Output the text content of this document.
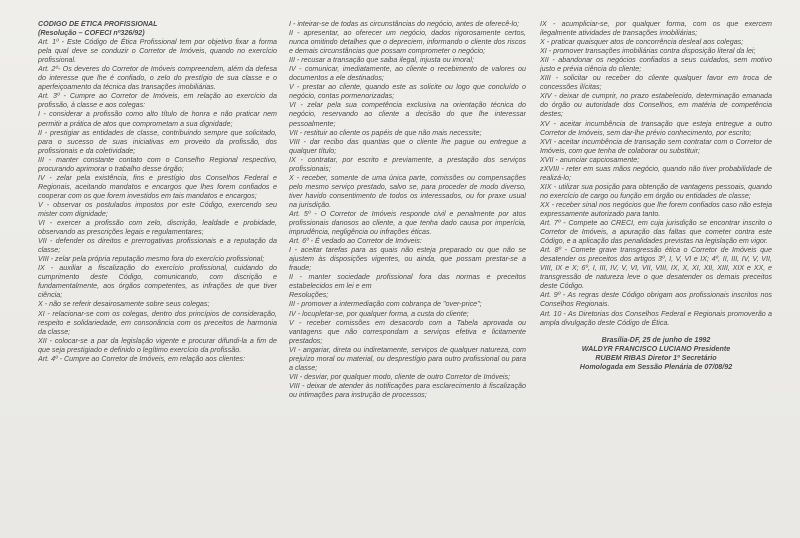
CÓDIGO DE ÉTICA PROFISSIONAL
(Resolução – COFECI nº326/92)
Art. 1º - Este Código de Ética Profissional tem por objetivo fixar a forma pela qual deve se conduzir o Corretor de Imóveis, quando no exercício profissional.
Art. 2º- Os deveres do Corretor de Imóveis compreendem, além da defesa do interesse que lhe é confiado, o zelo do prestígio de sua classe e o aperfeiçoamento da técnica das transações imobiliárias.
Art. 3º - Cumpre ao Corretor de Imóveis, em relação ao exercício da profissão, à classe e aos colegas:
I - considerar a profissão como alto título de honra e não praticar nem permitir a prática de atos que comprometam a sua dignidade;
II - prestigiar as entidades de classe, contribuindo sempre que solicitado, para o sucesso de suas iniciativas em proveito da profissão, dos profissionais e da coletividade;
III - manter constante contato com o Conselho Regional respectivo, procurando aprimorar o trabalho desse órgão;
IV - zelar pela existência, fins e prestígio dos Conselhos Federal e Regionais, aceitando mandatos e encargos que lhes forem confiados e cooperar com os que forem investidos em tais mandatos e encargos;
V - observar os postulados impostos por este Código, exercendo seu mister com dignidade;
VI - exercer a profissão com zelo, discrição, lealdade e probidade, observando as prescrições legais e regulamentares;
VII - defender os direitos e prerrogativas profissionais e a reputação da classe;
VIII - zelar pela própria reputação mesmo fora do exercício profissional;
IX - auxiliar a fiscalização do exercício profissional, cuidando do cumprimento deste Código, comunicando, com discrição e fundamentalmente, aos órgãos competentes, as infrações de que tiver ciência;
X - não se referir desairosamente sobre seus colegas;
XI - relacionar-se com os colegas, dentro dos princípios de consideração, respeito e solidariedade, em consonância com os preceitos de harmonia da classe;
XII - colocar-se a par da legislação vigente e procurar difundi-la a fim de que seja prestigiado e definido o legítimo exercício da profissão.
Art. 4º - Cumpre ao Corretor de Imóveis, em relação aos clientes:
I - inteirar-se de todas as circunstâncias do negócio, antes de oferecê-lo;
II - apresentar, ao oferecer um negócio, dados rigorosamente certos, nunca omitindo detalhes que o depreciem, informando o cliente dos riscos e demais circunstâncias que possam comprometer o negócio;
III - recusar a transação que saiba ilegal, injusta ou imoral;
IV - comunicar, imediatamente, ao cliente o recebimento de valores ou documentos a ele destinados;
V - prestar ao cliente, quando este as solicite ou logo que concluído o negócio, contas pormenorizadas;
VI - zelar pela sua competência exclusiva na orientação técnica do negócio, reservando ao cliente a decisão do que lhe interessar pessoalmente;
VII - restituir ao cliente os papéis de que não mais necessite;
VIII - dar recibo das quantias que o cliente lhe pague ou entregue a qualquer título;
IX - contratar, por escrito e previamente, a prestação dos serviços profissionais;
X - receber, somente de uma única parte, comissões ou compensações pelo mesmo serviço prestado, salvo se, para proceder de modo diverso, tiver havido consentimento de todos os interessados, ou for praxe usual na jurisdição.
Art. 5º - O Corretor de Imóveis responde civil e penalmente por atos profissionais danosos ao cliente, a que tenha dado causa por imperícia, imprudência, negligência ou infrações éticas.
Art. 6º - É vedado ao Corretor de Imóveis:
I - aceitar tarefas para as quais não esteja preparado ou que não se ajustem às disposições vigentes, ou ainda, que possam prestar-se a fraude;
II - manter sociedade profissional fora das normas e preceitos estabelecidos em lei e em
Resoluções;
III - promover a intermediação com cobrança de "over-price";
IV - locupletar-se, por qualquer forma, a custa do cliente;
V - receber comissões em desacordo com a Tabela aprovada ou vantagens que não correspondam a serviços efetiva e licitamente prestados;
VI - angariar, direta ou indiretamente, serviços de qualquer natureza, com prejuízo moral ou material, ou desprestígio para outro profissional ou para a classe;
VII - desviar, por qualquer modo, cliente de outro Corretor de Imóveis;
VIII - deixar de atender às notificações para esclarecimento à fiscalização ou intimações para instrução de processos;
IX - acumpliciar-se, por qualquer forma, com os que exercem ilegalmente atividades de transações imobiliárias;
X - praticar quaisquer atos de concorrência desleal aos colegas;
XI - promover transações imobiliárias contra disposição literal da lei;
XII - abandonar os negócios confiados a seus cuidados, sem motivo justo e prévia ciência do cliente;
XIII - solicitar ou receber do cliente qualquer favor em troca de concessões ilícitas;
XIV - deixar de cumprir, no prazo estabelecido, determinação emanada do órgão ou autoridade dos Conselhos, em matéria de competência destes;
XV - aceitar incumbência de transação que esteja entregue a outro Corretor de Imóveis, sem dar-lhe prévio conhecimento, por escrito;
XVI - aceitar incumbência de transação sem contratar com o Corretor de Imóveis, com que tenha de colaborar ou substituir;
XVII - anunciar capciosamente;
zXVIII - reter em suas mãos negócio, quando não tiver probabilidade de realizá-lo;
XIX - utilizar sua posição para obtenção de vantagens pessoais, quando no exercício de cargo ou função em órgão ou entidades de classe;
XX - receber sinal nos negócios que lhe forem confiados caso não esteja expressamente autorizado para tanto.
Art. 7º - Compete ao CRECI, em cuja jurisdição se encontrar inscrito o Corretor de Imóveis, a apuração das faltas que cometer contra este Código, e a aplicação das penalidades previstas na legislação em vigor.
Art. 8º - Comete grave transgressão ética o Corretor de Imóveis que desatender os preceitos dos artigos 3º, I, V, VI e IX; 4º, II, III, IV, V, VII, VIII, IX e X; 6º, I, III, IV, V, VI, VII, VIII, IX, X, XI, XII, XIII, XIX e XX, e transgressão de natureza leve o que desatender os demais preceitos deste Código.
Art. 9º - As regras deste Código obrigam aos profissionais inscritos nos Conselhos Regionais.
Art. 10 - As Diretorias dos Conselhos Federal e Regionais promoverão a ampla divulgação deste Código de Ética.
Brasília-DF, 25 de junho de 1992
WALDYR FRANCISCO LUCIANO Presidente
RUBEM RIBAS Diretor 1º Secretário
Homologada em Sessão Plenária de 07/08/92
